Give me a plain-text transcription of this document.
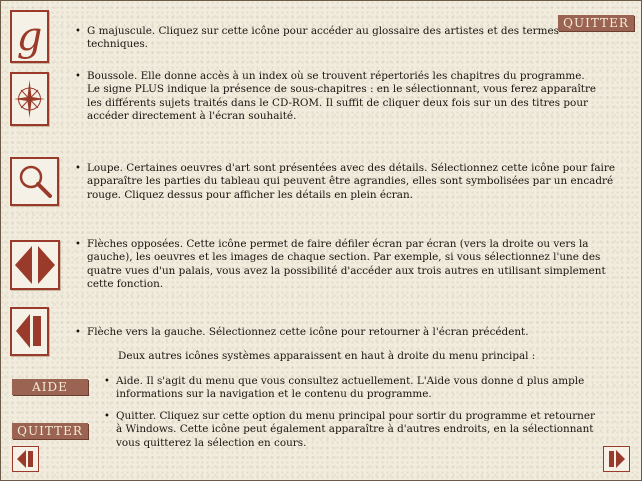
QUITTER
g	• G majuscule. Cliquez sur cette icône pour accéder au glossaire des artistes et des termes
techniques.
• Boussole. Elle donne accès à un index où se trouvent répertoriés les chapitres du programme.
Le signe PLUS indique la présence de sous-chapitres : en le sélectionnant, vous ferez apparaître
les différents sujets traités dans le CD-ROM. Il suffit de cliquer deux fois sur un des titres pour
accéder directement à l'écran souhaité.
• Loupe. Certaines oeuvres d'art sont présentées avec des détails. Sélectionnez cette icône pour faire
apparaître les parties du tableau qui peuvent être agrandies, elles sont symbolisées par un encadré
rouge. Cliquez dessus pour afficher les détails en plein écran.
• Flèches opposées. Cette icône permet de faire défiler écran par écran (vers la droite ou vers la
gauche), les oeuvres et les images de chaque section. Par exemple, si vous sélectionnez l'une des
quatre vues d'un palais, vous avez la possibilité d'accéder aux trois autres en utilisant simplement
cette fonction.
• Flèche vers la gauche. Sélectionnez cette icône pour retourner à l'écran précédent.
Deux autres icônes systèmes apparaissent en haut à droite du menu principal :
AIDE	• Aide. Il s'agit du menu que vous consultez actuellement. L'Aide vous donne d plus ample
informations sur la navigation et le contenu du programme.
QUITTER
• Quitter. Cliquez sur cette option du menu principal pour sortir du programme et retourner
à Windows. Cette icône peut également apparaître à d'autres endroits, en la sélectionnant
vous quitterez la sélection en cours.
